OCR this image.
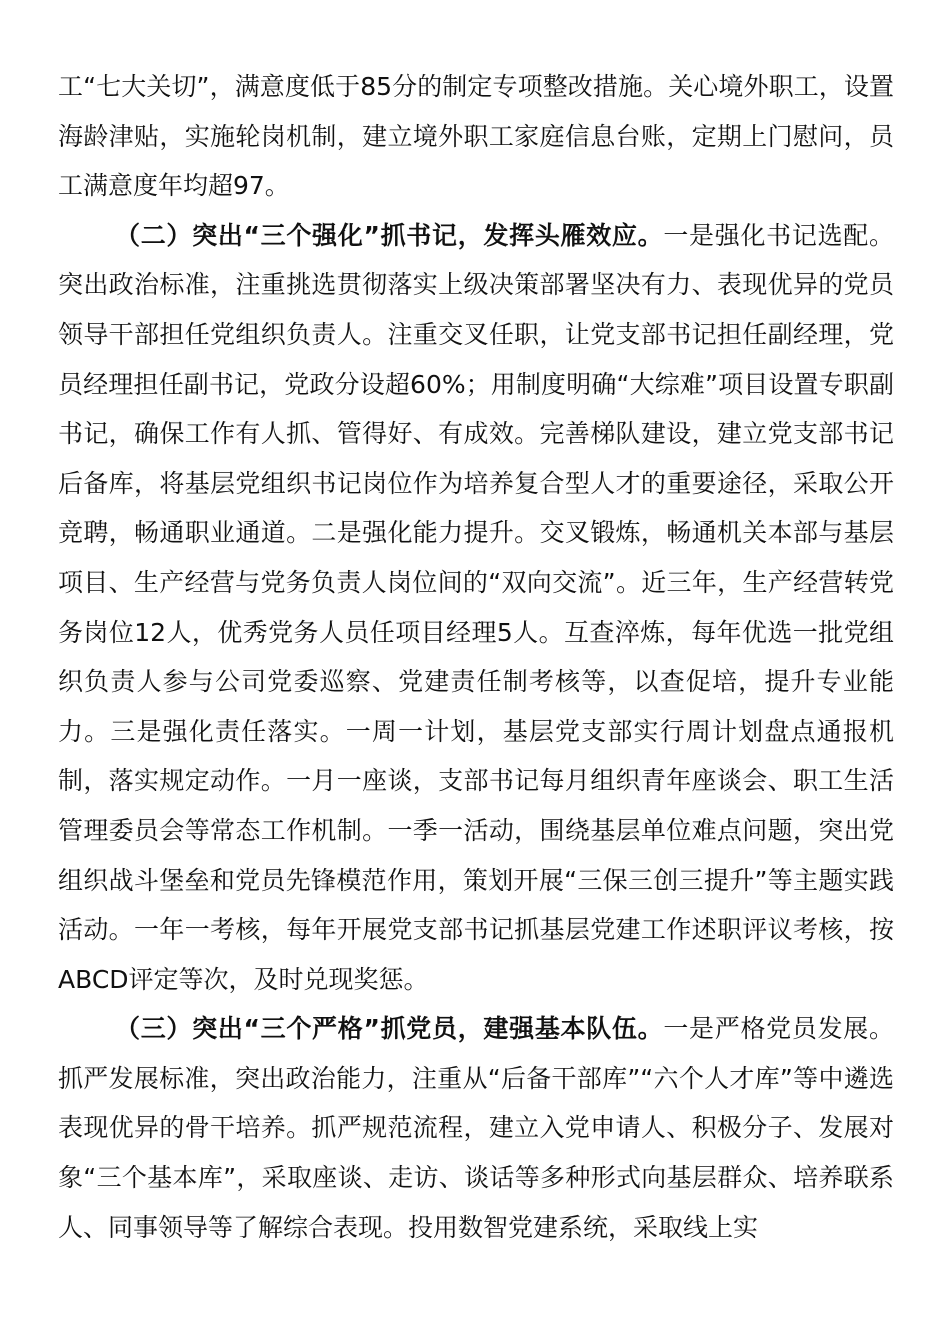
工“七大关切”，满意度低于85分的制定专项整改措施。关心境外职工，设置海龄津贴，实施轮岗机制，建立境外职工家庭信息台账，定期上门慰问，员工满意度年均超97。

（二）突出“三个强化”抓书记，发挥头雁效应。一是强化书记选配。突出政治标准，注重挑选贯彻落实上级决策部署坚决有力、表现优异的党员领导干部担任党组织负责人。注重交叉任职，让党支部书记担任副经理，党员经理担任副书记，党政分设超60%；用制度明确“大综难”项目设置专职副书记，确保工作有人抓、管得好、有成效。完善梯队建设，建立党支部书记后备库，将基层党组织书记岗位作为培养复合型人才的重要途径，采取公开竞聘，畅通职业通道。二是强化能力提升。交叉锻炼，畅通机关本部与基层项目、生产经营与党务负责人岗位间的“双向交流”。近三年，生产经营转党务岗位12人，优秀党务人员任项目经理5人。互查淬炼，每年优选一批党组织负责人参与公司党委巡察、党建责任制考核等，以查促培，提升专业能力。三是强化责任落实。一周一计划，基层党支部实行周计划盘点通报机制，落实规定动作。一月一座谈，支部书记每月组织青年座谈会、职工生活管理委员会等常态工作机制。一季一活动，围绕基层单位难点问题，突出党组织战斗堡垒和党员先锋模范作用，策划开展“三保三创三提升”等主题实践活动。一年一考核，每年开展党支部书记抓基层党建工作述职评议考核，按ABCD评定等次，及时兑现奖惩。

（三）突出“三个严格”抓党员，建强基本队伍。一是严格党员发展。抓严发展标准，突出政治能力，注重从“后备干部库”“六个人才库”等中遴选表现优异的骨干培养。抓严规范流程，建立入党申请人、积极分子、发展对象“三个基本库”，采取座谈、走访、谈话等多种形式向基层群众、培养联系人、同事领导等了解综合表现。投用数智党建系统，采取线上实
